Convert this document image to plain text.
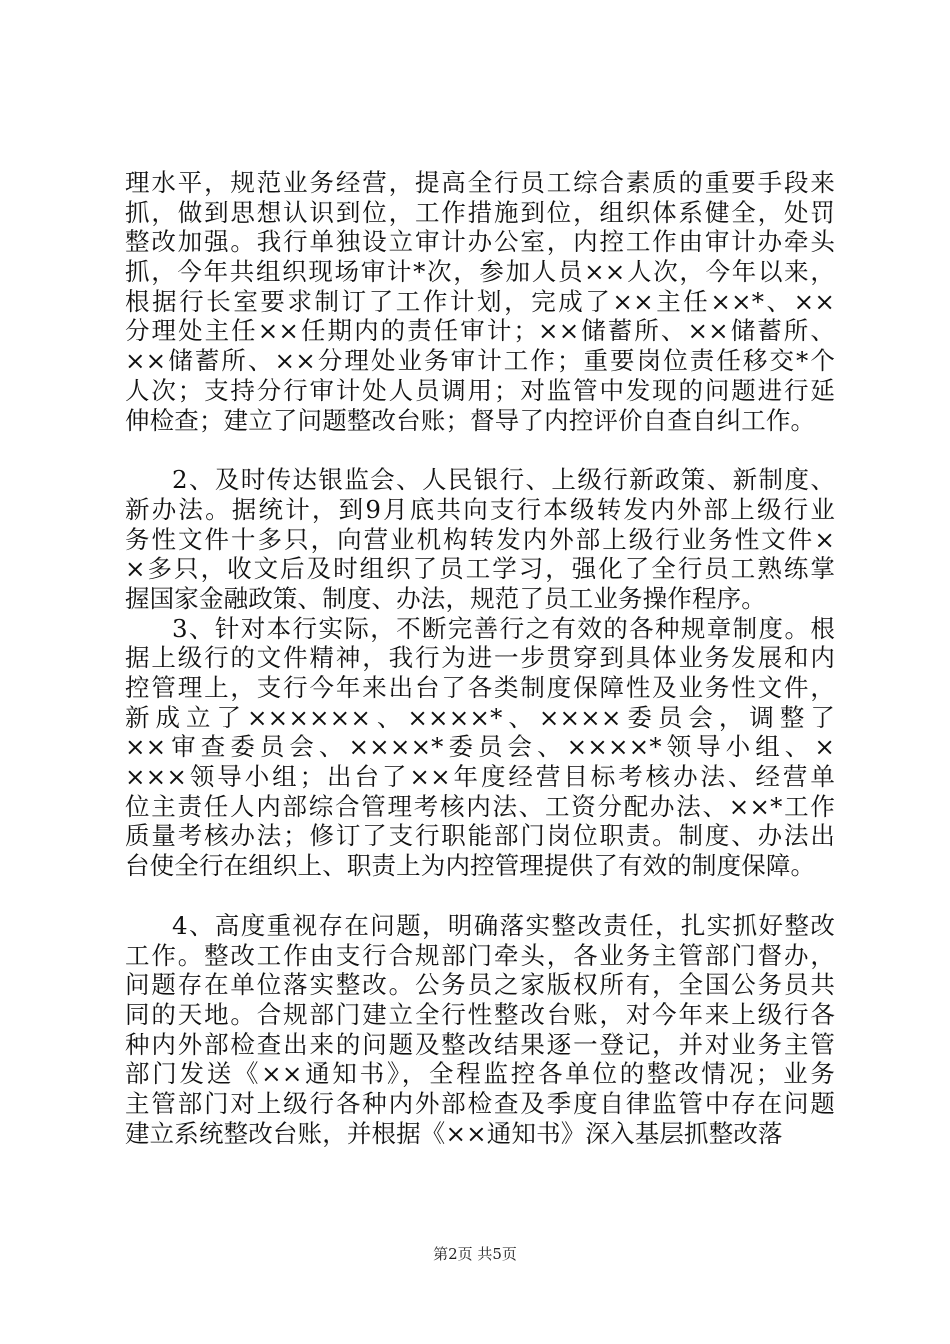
理水平，规范业务经营，提高全行员工综合素质的重要手段来
抓，做到思想认识到位，工作措施到位，组织体系健全，处罚
整改加强。我行单独设立审计办公室，内控工作由审计办牵头
抓，今年共组织现场审计*次，参加人员××人次，今年以来，
根据行长室要求制订了工作计划，完成了××主任××*、××
分理处主任××任期内的责任审计；××储蓄所、××储蓄所、
××储蓄所、××分理处业务审计工作；重要岗位责任移交*个
人次；支持分行审计处人员调用；对监管中发现的问题进行延
伸检查；建立了问题整改台账；督导了内控评价自查自纠工作。
2、及时传达银监会、人民银行、上级行新政策、新制度、
新办法。据统计，到9月底共向支行本级转发内外部上级行业
务性文件十多只，向营业机构转发内外部上级行业务性文件×
×多只，收文后及时组织了员工学习，强化了全行员工熟练掌
握国家金融政策、制度、办法，规范了员工业务操作程序。
3、针对本行实际，不断完善行之有效的各种规章制度。根
据上级行的文件精神，我行为进一步贯穿到具体业务发展和内
控管理上，支行今年来出台了各类制度保障性及业务性文件，
新成立了××××××、××××*、××××委员会，调整了
××审查委员会、××××*委员会、××××*领导小组、×
×××领导小组；出台了××年度经营目标考核办法、经营单
位主责任人内部综合管理考核内法、工资分配办法、××*工作
质量考核办法；修订了支行职能部门岗位职责。制度、办法出
台使全行在组织上、职责上为内控管理提供了有效的制度保障。
4、高度重视存在问题，明确落实整改责任，扎实抓好整改
工作。整改工作由支行合规部门牵头，各业务主管部门督办，
问题存在单位落实整改。公务员之家版权所有，全国公务员共
同的天地。合规部门建立全行性整改台账，对今年来上级行各
种内外部检查出来的问题及整改结果逐一登记，并对业务主管
部门发送《××通知书》，全程监控各单位的整改情况；业务
主管部门对上级行各种内外部检查及季度自律监管中存在问题
建立系统整改台账，并根据《××通知书》深入基层抓整改落
第2页 共5页
